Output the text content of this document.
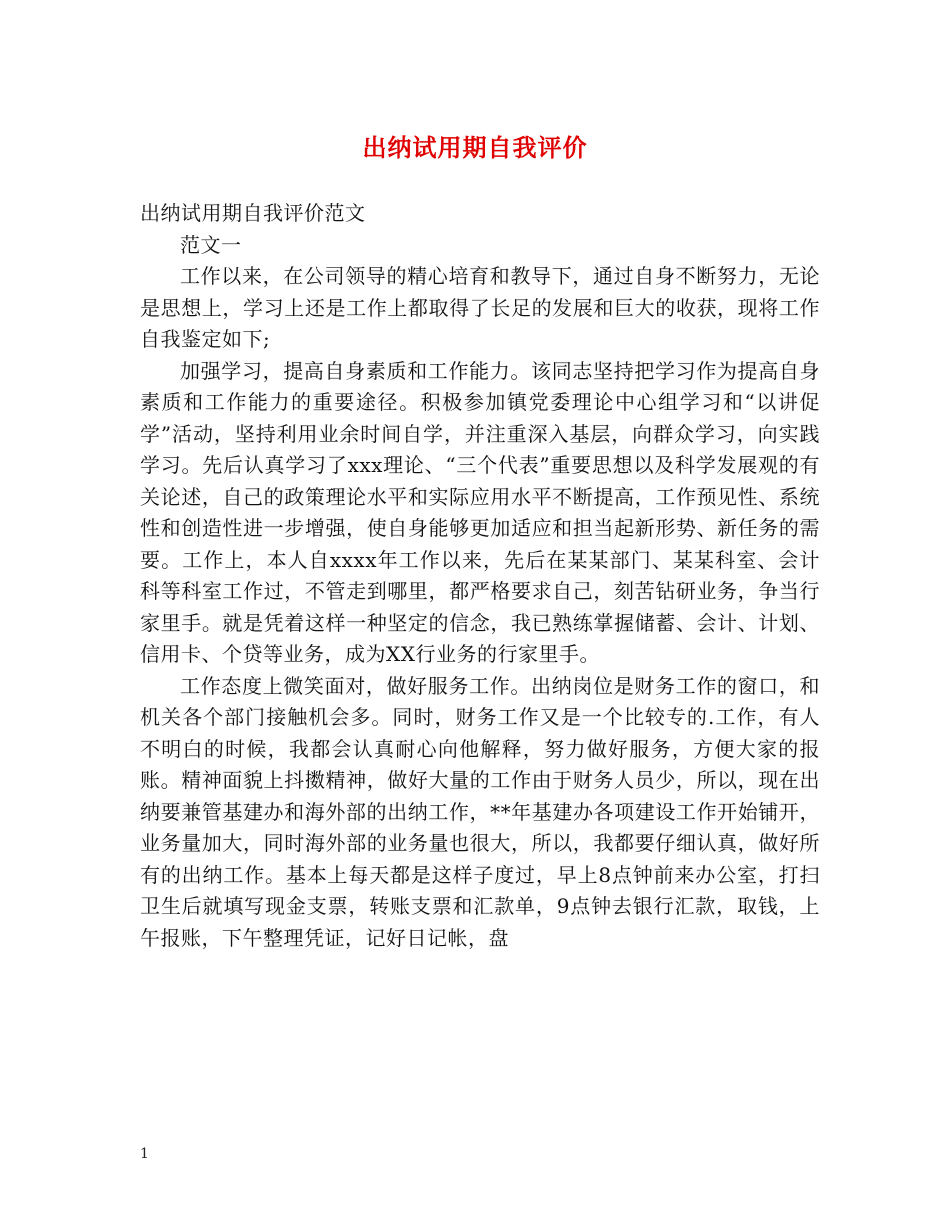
出纳试用期自我评价

出纳试用期自我评价范文

范文一

工作以来，在公司领导的精心培育和教导下，通过自身不断努力，无论是思想上，学习上还是工作上都取得了长足的发展和巨大的收获，现将工作自我鉴定如下;

加强学习，提高自身素质和工作能力。该同志坚持把学习作为提高自身素质和工作能力的重要途径。积极参加镇党委理论中心组学习和“以讲促学”活动，坚持利用业余时间自学，并注重深入基层，向群众学习，向实践学习。先后认真学习了xxx理论、“三个代表”重要思想以及科学发展观的有关论述，自己的政策理论水平和实际应用水平不断提高，工作预见性、系统性和创造性进一步增强，使自身能够更加适应和担当起新形势、新任务的需要。工作上，本人自xxxx年工作以来，先后在某某部门、某某科室、会计科等科室工作过，不管走到哪里，都严格要求自己，刻苦钻研业务，争当行家里手。就是凭着这样一种坚定的信念，我已熟练掌握储蓄、会计、计划、信用卡、个贷等业务，成为XX行业务的行家里手。

工作态度上微笑面对，做好服务工作。出纳岗位是财务工作的窗口，和机关各个部门接触机会多。同时，财务工作又是一个比较专的.工作，有人不明白的时候，我都会认真耐心向他解释，努力做好服务，方便大家的报账。精神面貌上抖擞精神，做好大量的工作由于财务人员少，所以，现在出纳要兼管基建办和海外部的出纳工作，**年基建办各项建设工作开始铺开，业务量加大，同时海外部的业务量也很大，所以，我都要仔细认真，做好所有的出纳工作。基本上每天都是这样子度过，早上8点钟前来办公室，打扫卫生后就填写现金支票，转账支票和汇款单，9点钟去银行汇款，取钱，上午报账，下午整理凭证，记好日记帐，盘

1
